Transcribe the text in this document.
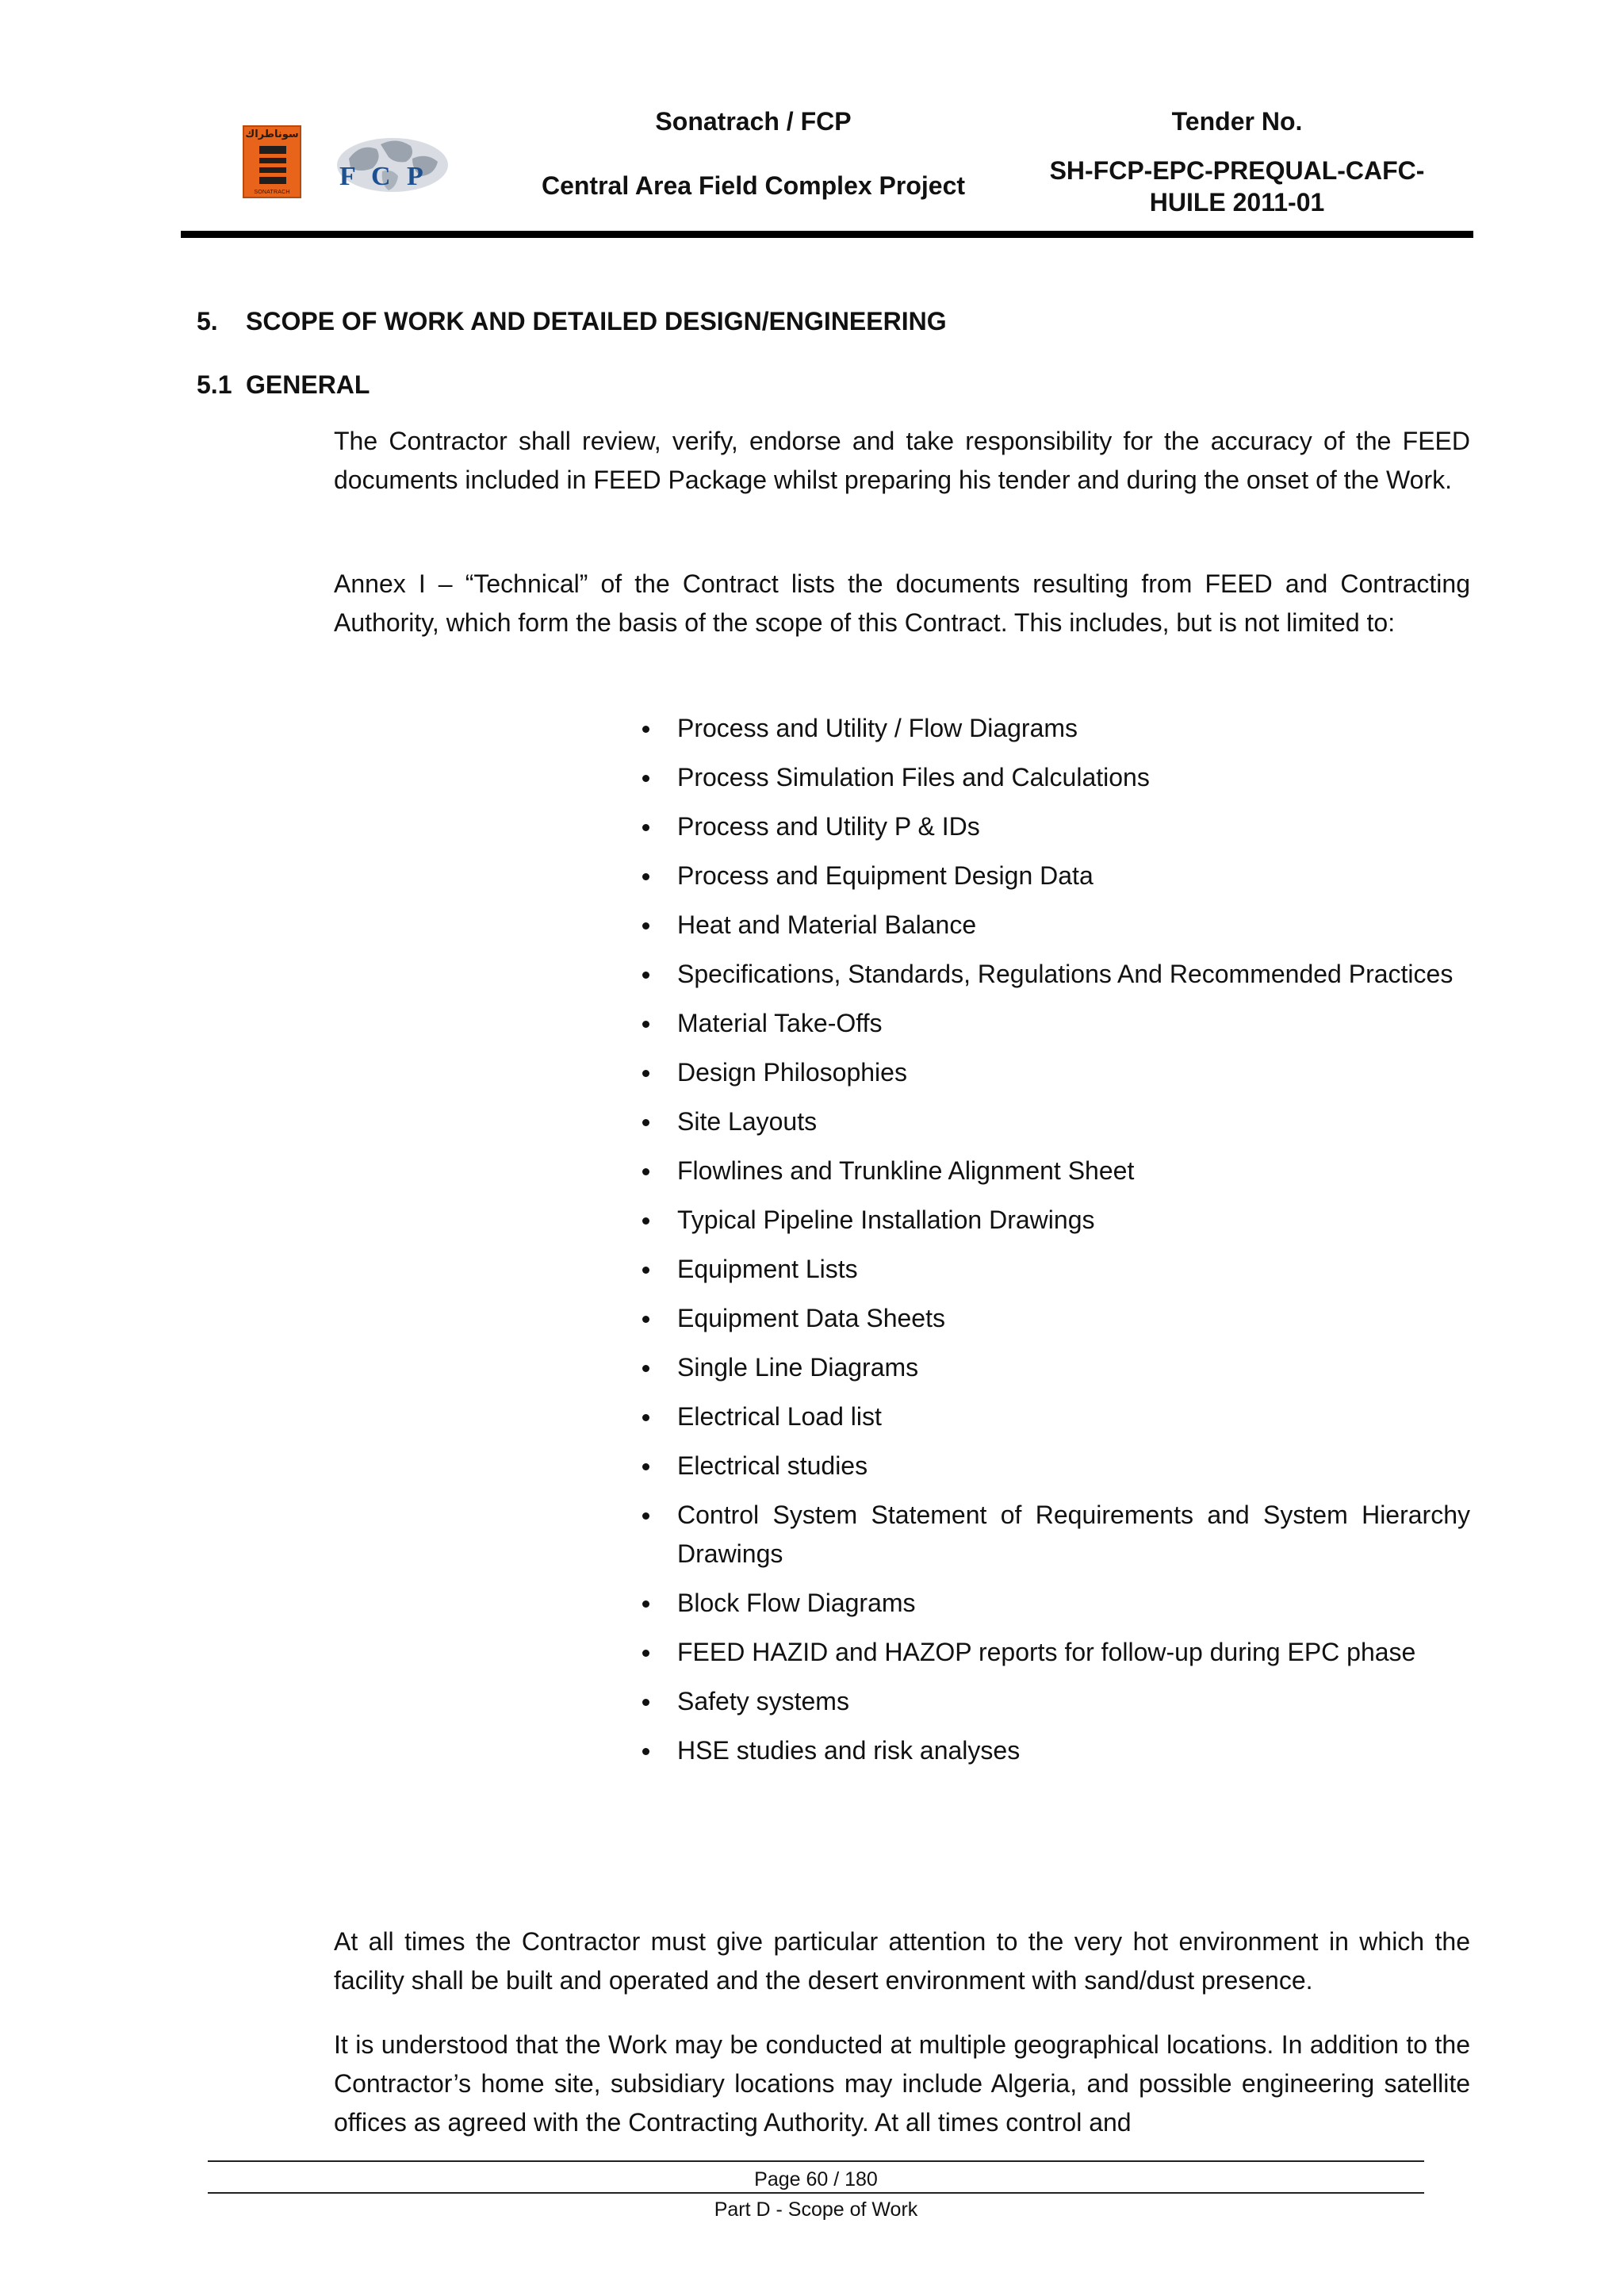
سوناطراك
SONATRACH
F C P
Sonatrach / FCP
Central Area Field Complex Project
Tender No.
SH-FCP-EPC-PREQUAL-CAFC-
HUILE 2011-01
5. SCOPE OF WORK AND DETAILED DESIGN/ENGINEERING
5.1 GENERAL

The Contractor shall review, verify, endorse and take responsibility for the accuracy of the FEED documents included in FEED Package whilst preparing his tender and during the onset of the Work.

Annex I – “Technical” of the Contract lists the documents resulting from FEED and Contracting Authority, which form the basis of the scope of this Contract. This includes, but is not limited to:

Process and Utility / Flow Diagrams
Process Simulation Files and Calculations
Process and Utility P & IDs
Process and Equipment Design Data
Heat and Material Balance
Specifications, Standards, Regulations And Recommended Practices
Material Take-Offs
Design Philosophies
Site Layouts
Flowlines and Trunkline Alignment Sheet
Typical Pipeline Installation Drawings
Equipment Lists
Equipment Data Sheets
Single Line Diagrams
Electrical Load list
Electrical studies
Control System Statement of Requirements and System Hierarchy Drawings
Block Flow Diagrams
FEED HAZID and HAZOP reports for follow-up during EPC phase
Safety systems
HSE studies and risk analyses

At all times the Contractor must give particular attention to the very hot environment in which the facility shall be built and operated and the desert environment with sand/dust presence.

It is understood that the Work may be conducted at multiple geographical locations. In addition to the Contractor’s home site, subsidiary locations may include Algeria, and possible engineering satellite offices as agreed with the Contracting Authority. At all times control and

Page 60 / 180
Part D - Scope of Work
